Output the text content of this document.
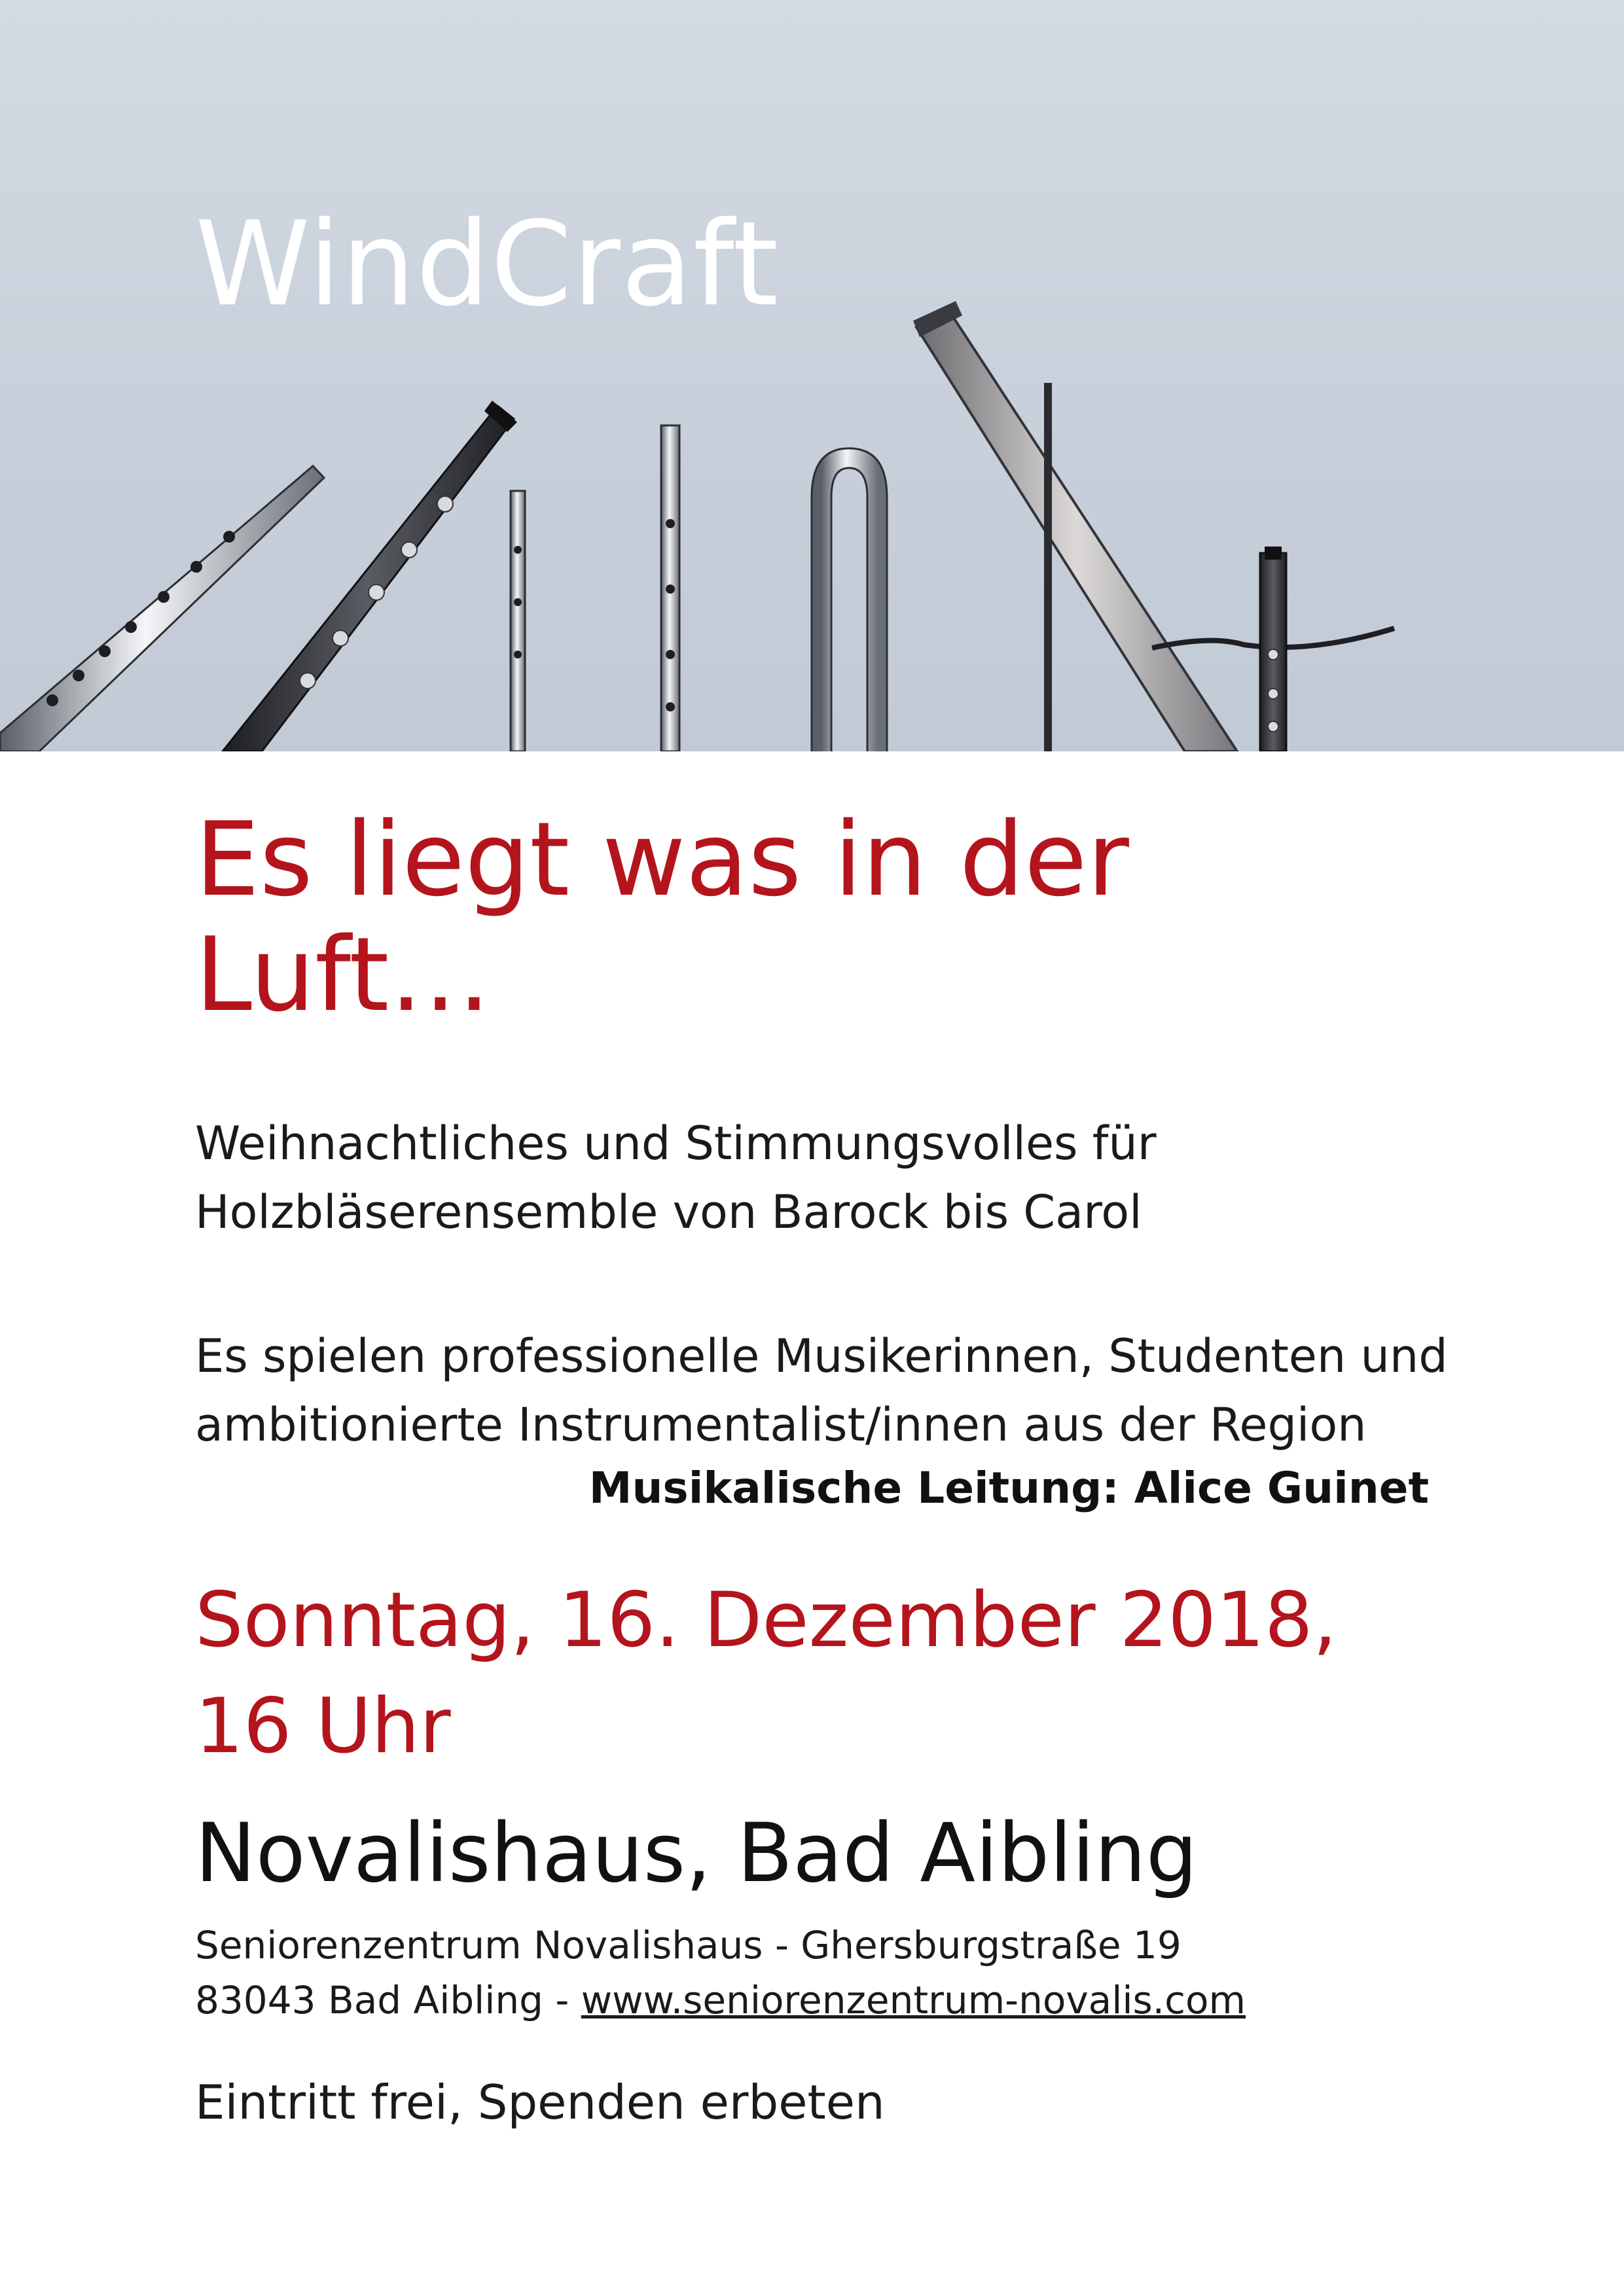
WindCraft
Es liegt was in der
Luft…
Weihnachtliches und Stimmungsvolles für
Holzbläserensemble von Barock bis Carol
Es spielen professionelle Musikerinnen, Studenten und
ambitionierte Instrumentalist/innen aus der Region
Musikalische Leitung: Alice Guinet
Sonntag, 16. Dezember 2018,
16 Uhr
Novalishaus, Bad Aibling
Seniorenzentrum Novalishaus - Ghersburgstraße 19
83043 Bad Aibling - www.seniorenzentrum-novalis.com
Eintritt frei, Spenden erbeten
